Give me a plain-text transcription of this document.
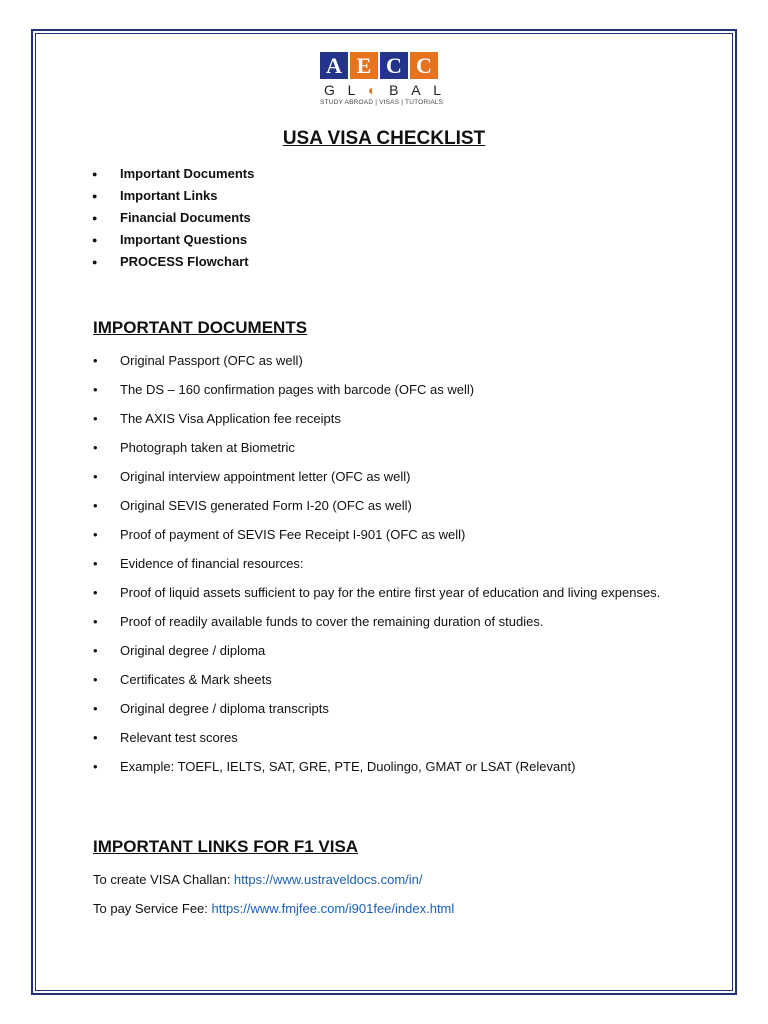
A E C C
G L ◐ B A L
STUDY ABROAD | VISAS | TUTORIALS
USA VISA CHECKLIST
● Important Documents
● Important Links
● Financial Documents
● Important Questions
● PROCESS Flowchart
IMPORTANT DOCUMENTS
• Original Passport (OFC as well)
• The DS – 160 confirmation pages with barcode (OFC as well)
• The AXIS Visa Application fee receipts
• Photograph taken at Biometric
• Original interview appointment letter (OFC as well)
• Original SEVIS generated Form I-20 (OFC as well)
• Proof of payment of SEVIS Fee Receipt I-901 (OFC as well)
• Evidence of financial resources:
• Proof of liquid assets sufficient to pay for the entire first year of education and living expenses.
• Proof of readily available funds to cover the remaining duration of studies.
• Original degree / diploma
• Certificates & Mark sheets
• Original degree / diploma transcripts
• Relevant test scores
• Example: TOEFL, IELTS, SAT, GRE, PTE, Duolingo, GMAT or LSAT (Relevant)
IMPORTANT LINKS FOR F1 VISA
To create VISA Challan: https://www.ustraveldocs.com/in/
To pay Service Fee: https://www.fmjfee.com/i901fee/index.html
